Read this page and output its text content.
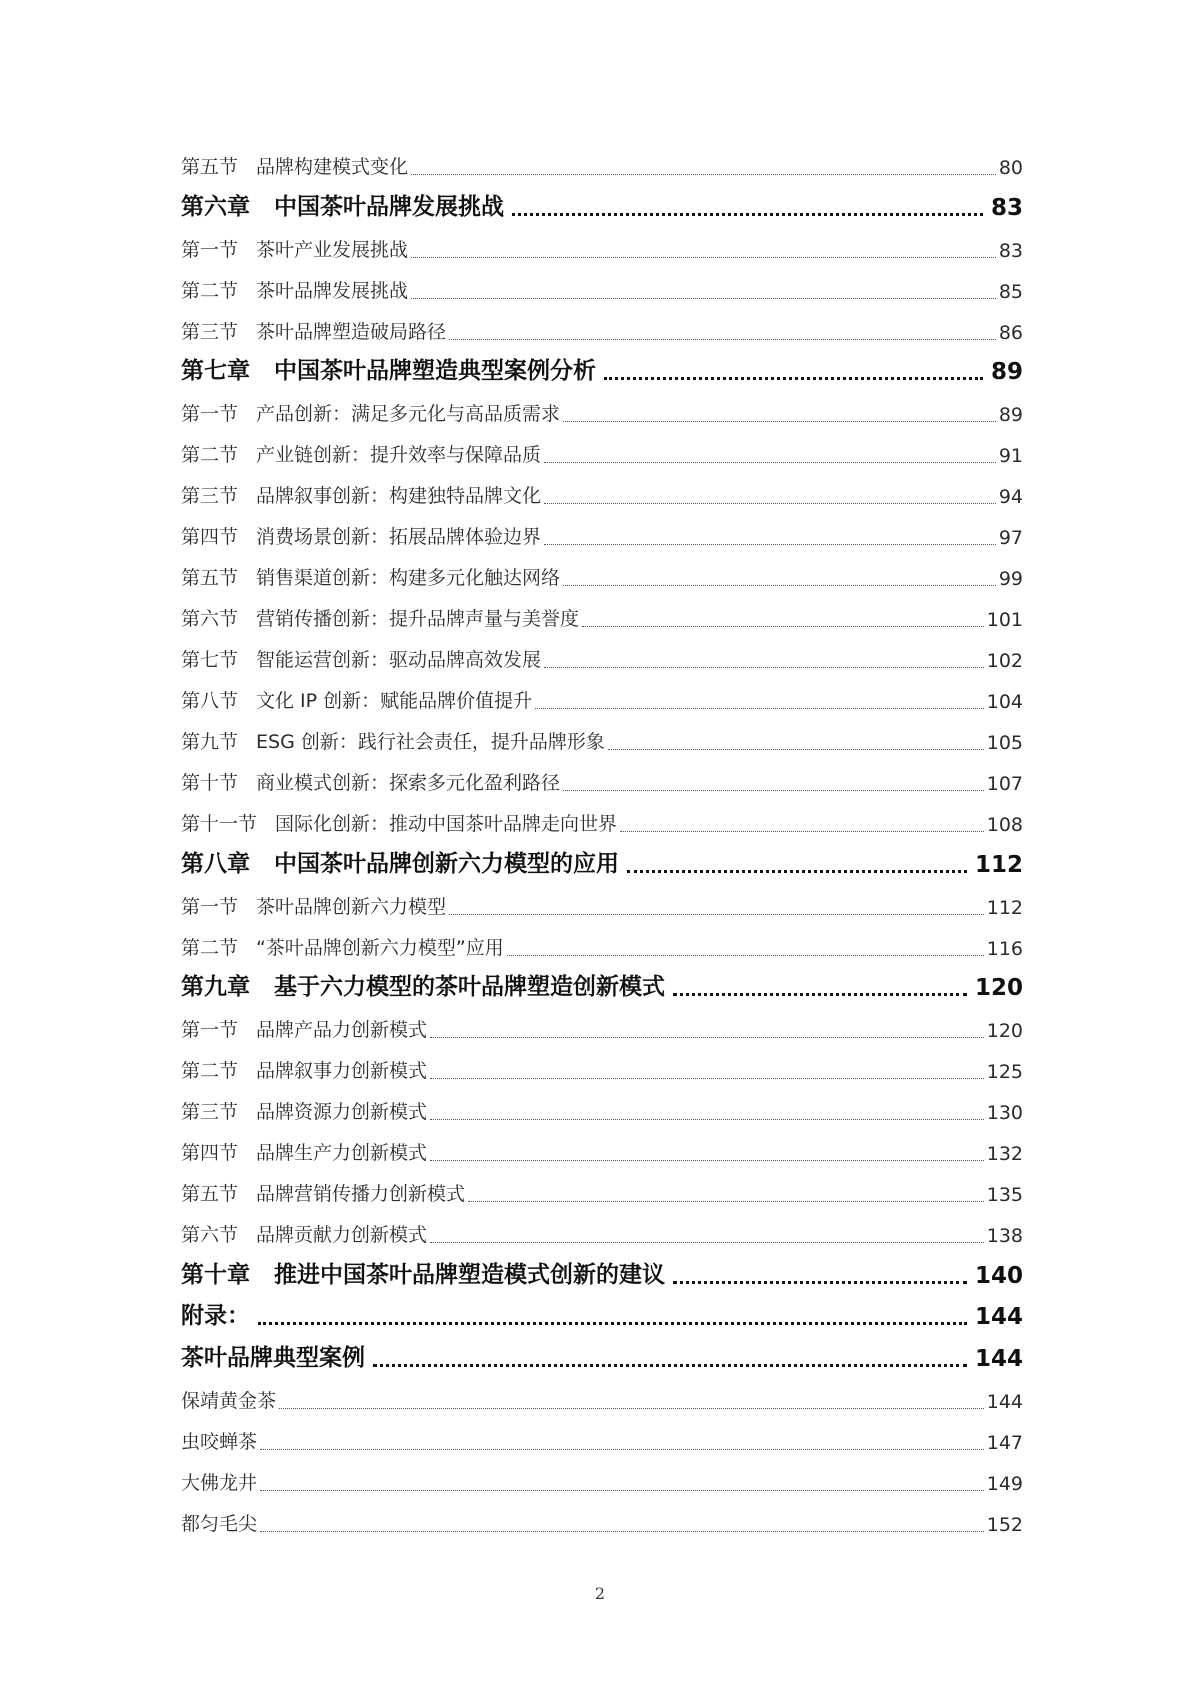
第五节 品牌构建模式变化	80
第六章 中国茶叶品牌发展挑战	83
第一节 茶叶产业发展挑战	83
第二节 茶叶品牌发展挑战	85
第三节 茶叶品牌塑造破局路径	86
第七章 中国茶叶品牌塑造典型案例分析	89
第一节 产品创新：满足多元化与高品质需求	89
第二节 产业链创新：提升效率与保障品质	91
第三节 品牌叙事创新：构建独特品牌文化	94
第四节 消费场景创新：拓展品牌体验边界	97
第五节 销售渠道创新：构建多元化触达网络	99
第六节 营销传播创新：提升品牌声量与美誉度	101
第七节 智能运营创新：驱动品牌高效发展	102
第八节 文化 IP 创新：赋能品牌价值提升	104
第九节 ESG 创新：践行社会责任，提升品牌形象	105
第十节 商业模式创新：探索多元化盈利路径	107
第十一节 国际化创新：推动中国茶叶品牌走向世界	108
第八章 中国茶叶品牌创新六力模型的应用	112
第一节 茶叶品牌创新六力模型	112
第二节 “茶叶品牌创新六力模型”应用	116
第九章 基于六力模型的茶叶品牌塑造创新模式	120
第一节 品牌产品力创新模式	120
第二节 品牌叙事力创新模式	125
第三节 品牌资源力创新模式	130
第四节 品牌生产力创新模式	132
第五节 品牌营销传播力创新模式	135
第六节 品牌贡献力创新模式	138
第十章 推进中国茶叶品牌塑造模式创新的建议	140
附录：	144
茶叶品牌典型案例	144
保靖黄金茶	144
虫咬蝉茶	147
大佛龙井	149
都匀毛尖	152
2
